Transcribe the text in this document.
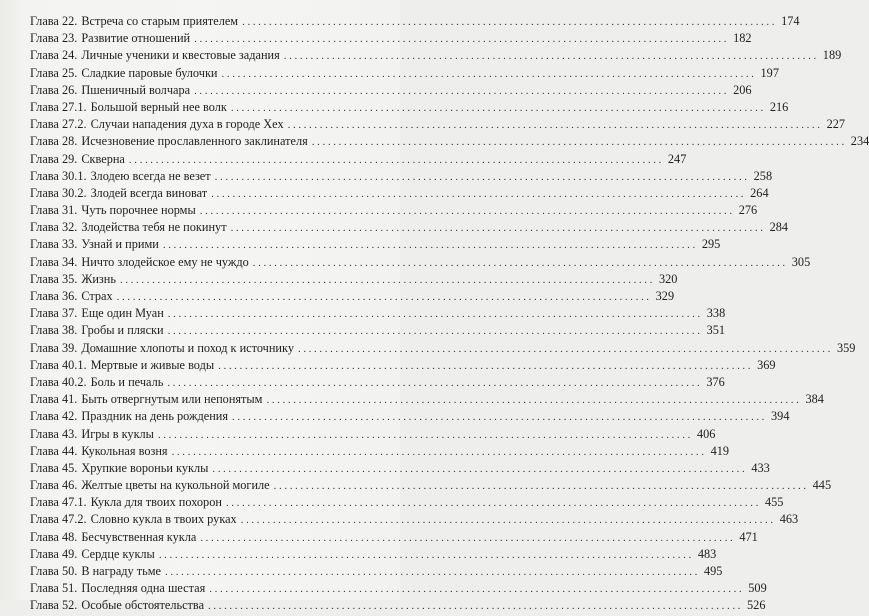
Глава 22. Встреча со старым приятелем .................................................................................................... 174
Глава 23. Развитие отношений .................................................................................................... 182
Глава 24. Личные ученики и квестовые задания .................................................................................................... 189
Глава 25. Сладкие паровые булочки .................................................................................................... 197
Глава 26. Пшеничный волчара .................................................................................................... 206
Глава 27.1. Большой верный нее волк .................................................................................................... 216
Глава 27.2. Случаи нападения духа в городе Хех .................................................................................................... 227
Глава 28. Исчезновение прославленного заклинателя .................................................................................................... 234
Глава 29. Скверна .................................................................................................... 247
Глава 30.1. Злодею всегда не везет .................................................................................................... 258
Глава 30.2. Злодей всегда виноват .................................................................................................... 264
Глава 31. Чуть порочнее нормы .................................................................................................... 276
Глава 32. Злодейства тебя не покинут .................................................................................................... 284
Глава 33. Узнай и прими .................................................................................................... 295
Глава 34. Ничто злодейское ему не чуждо .................................................................................................... 305
Глава 35. Жизнь .................................................................................................... 320
Глава 36. Страх .................................................................................................... 329
Глава 37. Еще один Муан .................................................................................................... 338
Глава 38. Гробы и пляски .................................................................................................... 351
Глава 39. Домашние хлопоты и поход к источнику .................................................................................................... 359
Глава 40.1. Мертвые и живые воды .................................................................................................... 369
Глава 40.2. Боль и печаль .................................................................................................... 376
Глава 41. Быть отвергнутым или непонятым .................................................................................................... 384
Глава 42. Праздник на день рождения .................................................................................................... 394
Глава 43. Игры в куклы .................................................................................................... 406
Глава 44. Кукольная возня .................................................................................................... 419
Глава 45. Хрупкие вороньи куклы .................................................................................................... 433
Глава 46. Желтые цветы на кукольной могиле .................................................................................................... 445
Глава 47.1. Кукла для твоих похорон .................................................................................................... 455
Глава 47.2. Словно кукла в твоих руках .................................................................................................... 463
Глава 48. Бесчувственная кукла .................................................................................................... 471
Глава 49. Сердце куклы .................................................................................................... 483
Глава 50. В награду тьме .................................................................................................... 495
Глава 51. Последняя одна шестая .................................................................................................... 509
Глава 52. Особые обстоятельства .................................................................................................... 526
